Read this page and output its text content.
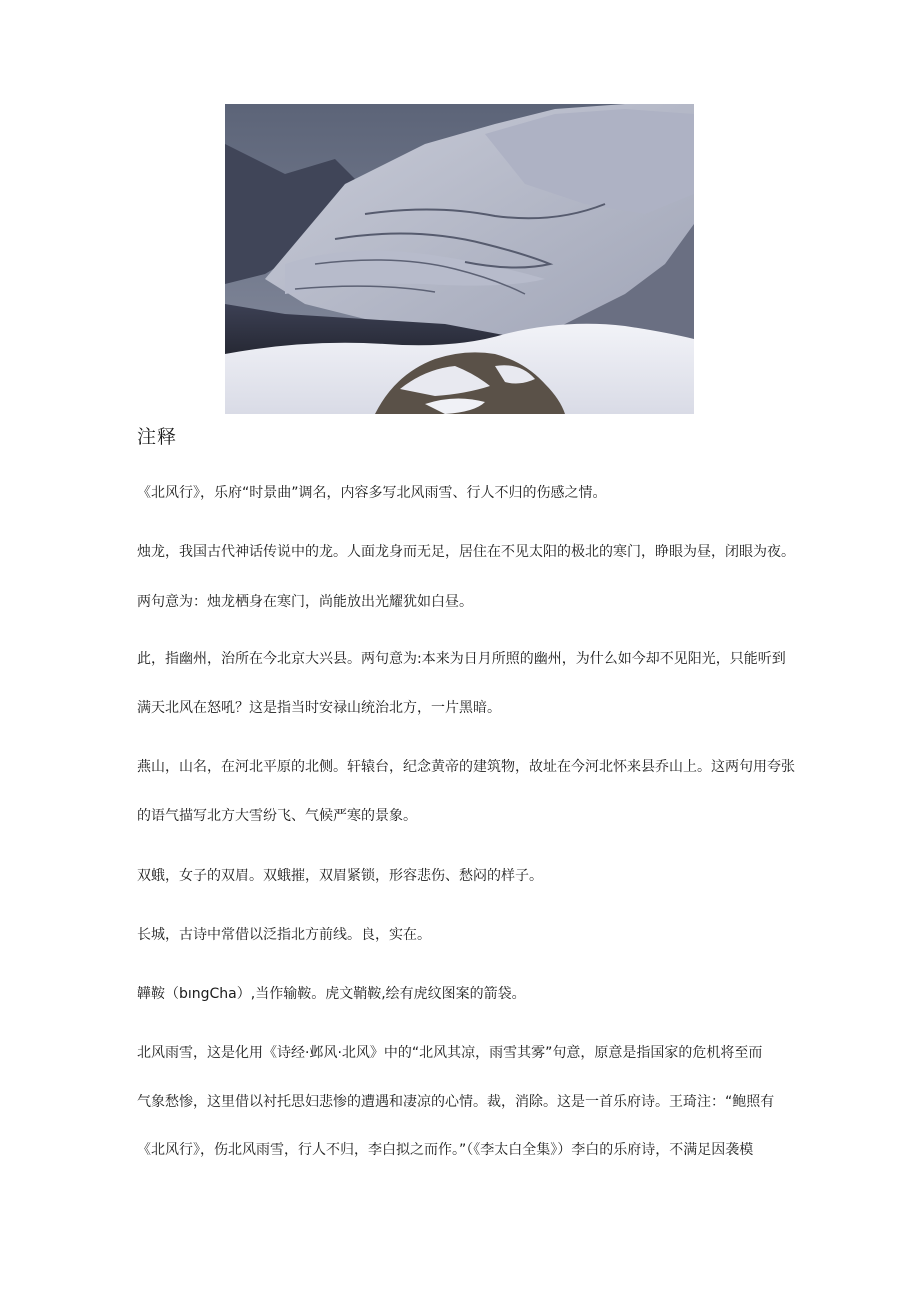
注释

《北风行》，乐府“时景曲”调名，内容多写北风雨雪、行人不归的伤感之情。

烛龙，我国古代神话传说中的龙。人面龙身而无足，居住在不见太阳的极北的寒门，睁眼为昼，闭眼为夜。

两句意为：烛龙栖身在寒门，尚能放出光耀犹如白昼。

此，指幽州，治所在今北京大兴县。两句意为:本来为日月所照的幽州，为什么如今却不见阳光，只能听到

满天北风在怒吼？这是指当时安禄山统治北方，一片黑暗。

燕山，山名，在河北平原的北侧。轩辕台，纪念黄帝的建筑物，故址在今河北怀来县乔山上。这两句用夸张

的语气描写北方大雪纷飞、气候严寒的景象。

双蛾，女子的双眉。双蛾摧，双眉紧锁，形容悲伤、愁闷的样子。

长城，古诗中常借以泛指北方前线。良，实在。

韡鞍（bıngCha）,当作输鞍。虎文鞘鞍,绘有虎纹图案的箭袋。

北风雨雪，这是化用《诗经·邺风·北风》中的“北风其凉，雨雪其雾”句意，原意是指国家的危机将至而

气象愁惨，这里借以衬托思妇悲惨的遭遇和凄凉的心情。裁，消除。这是一首乐府诗。王琦注：“鲍照有

《北风行》，伤北风雨雪，行人不归，李白拟之而作。”（《李太白全集》）李白的乐府诗，不满足因袭模
